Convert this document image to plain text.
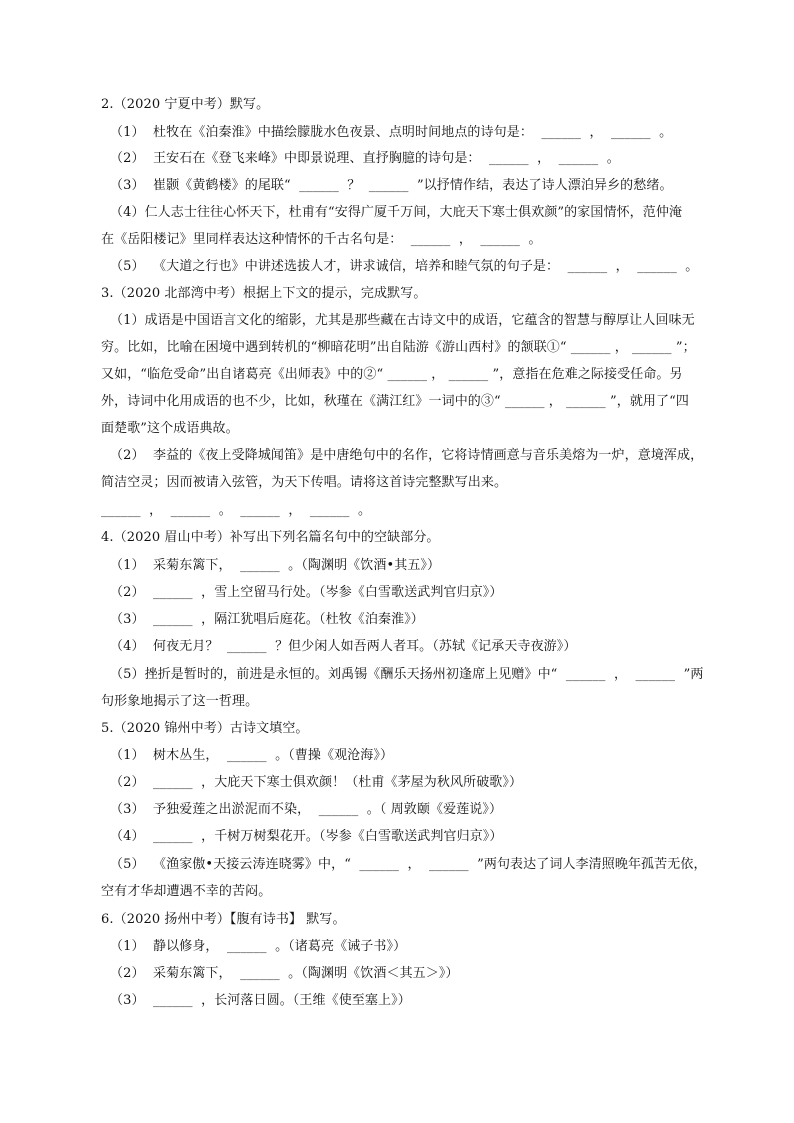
2.（2020 宁夏中考）默写。
（1）  杜牧在《泊秦淮》中描绘朦胧水色夜景、点明时间地点的诗句是：  ______  ，  ______  。
（2）  王安石在《登飞来峰》中即景说理、直抒胸臆的诗句是：  ______  ，  ______  。
（3）  崔颢《黄鹤楼》的尾联“  ______  ？  ______  ”以抒情作结，表达了诗人漂泊异乡的愁绪。
（4）仁人志士往往心怀天下，杜甫有“安得广厦千万间，大庇天下寒士俱欢颜”的家国情怀，范仲淹
在《岳阳楼记》里同样表达这种情怀的千古名句是：  ______  ，  ______  。
（5）  《大道之行也》中讲述选拔人才，讲求诚信，培养和睦气氛的句子是：  ______  ，  ______  。
3.（2020 北部湾中考）根据上下文的提示，完成默写。
（1）成语是中国语言文化的缩影，尤其是那些藏在古诗文中的成语，它蕴含的智慧与醇厚让人回味无
穷。比如，比喻在困境中遇到转机的“柳暗花明”出自陆游《游山西村》的颔联①“ ______ ， ______ ”；
又如，“临危受命”出自诸葛亮《出师表》中的②“ ______ ， ______ ”，意指在危难之际接受任命。另
外，诗词中化用成语的也不少，比如，秋瑾在《满江红》一词中的③“ ______ ， ______ ”，就用了“四
面楚歌”这个成语典故。
（2）  李益的《夜上受降城闻笛》是中唐绝句中的名作，它将诗情画意与音乐美熔为一炉，意境浑成，
简洁空灵；因而被请入弦管，为天下传唱。请将这首诗完整默写出来。
______  ，  ______  。  ______  ，  ______  。
4.（2020 眉山中考）补写出下列名篇名句中的空缺部分。
（1）  采菊东篱下，  ______  。（陶渊明《饮酒•其五》）
（2）  ______  ，雪上空留马行处。（岑参《白雪歌送武判官归京》）
（3）  ______  ，隔江犹唱后庭花。（杜牧《泊秦淮》）
（4）  何夜无月？  ______  ？但少闲人如吾两人者耳。（苏轼《记承天寺夜游》）
（5）挫折是暂时的，前进是永恒的。刘禹锡《酬乐天扬州初逢席上见赠》中“  ______  ，  ______  ”两
句形象地揭示了这一哲理。
5.（2020 锦州中考）古诗文填空。
（1）  树木丛生，  ______  。（曹操《观沧海》）
（2）  ______  ，大庇天下寒士俱欢颜！（杜甫《茅屋为秋风所破歌》）
（3）  予独爱莲之出淤泥而不染，  ______  。（ 周敦颐《爱莲说》）
（4）  ______  ，千树万树梨花开。（岑参《白雪歌送武判官归京》）
（5）  《渔家傲•天接云涛连晓雾》中，“  ______  ，  ______  ”两句表达了词人李清照晚年孤苦无依，
空有才华却遭遇不幸的苦闷。
6.（2020 扬州中考）【腹有诗书】 默写。
（1）  静以修身，  ______  。（诸葛亮《诫子书》）
（2）  采菊东篱下，  ______  。（陶渊明《饮酒＜其五＞》）
（3）  ______  ，长河落日圆。（王维《使至塞上》）
